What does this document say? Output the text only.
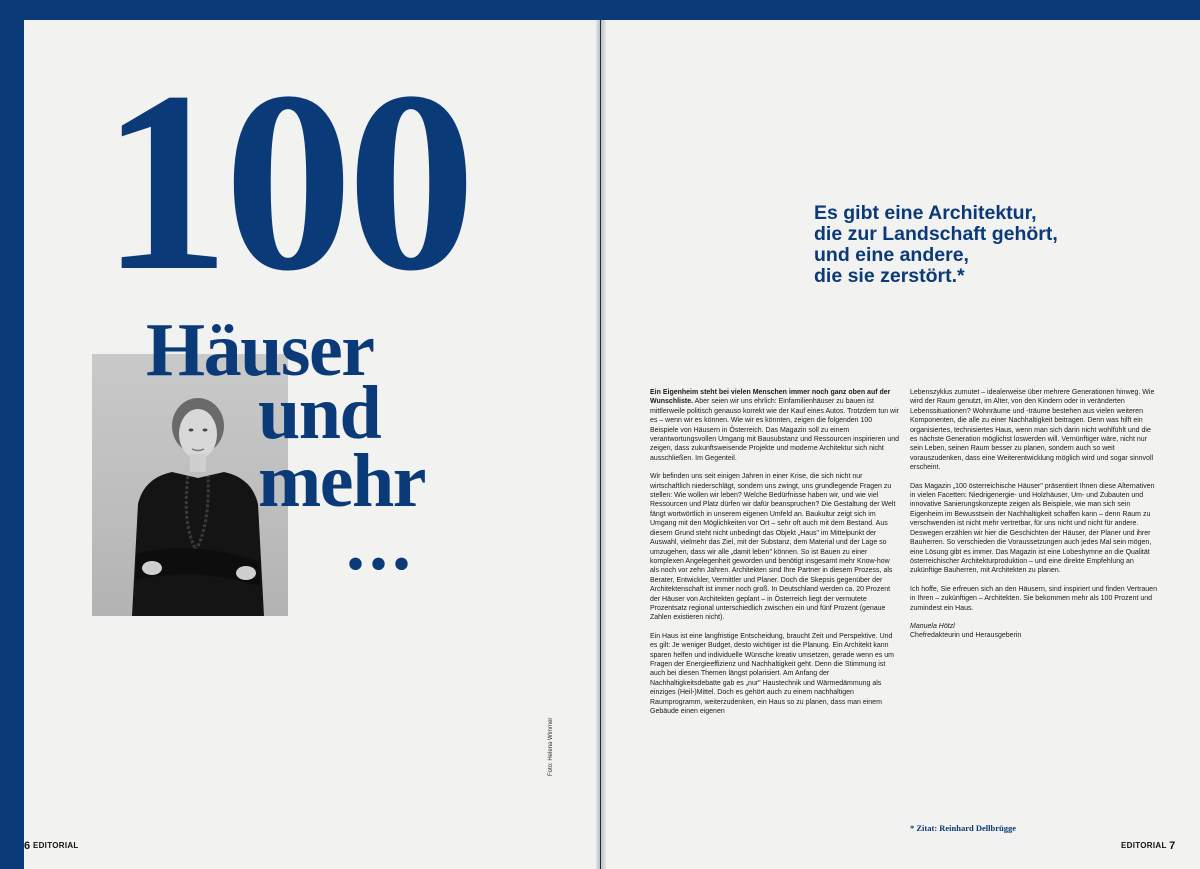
100
Häuser
und
mehr
...
Foto: Helena Wimmer
6 EDITORIAL
Es gibt eine Architektur,
die zur Landschaft gehört,
und eine andere,
die sie zerstört.*

Ein Eigenheim steht bei vielen Menschen immer noch ganz oben auf der Wunschliste. Aber seien wir uns ehrlich: Einfamilienhäuser zu bauen ist mittlerweile politisch genauso korrekt wie der Kauf eines Autos. Trotzdem tun wir es – wenn wir es können. Wie wir es könnten, zeigen die folgenden 100 Beispiele von Häusern in Österreich. Das Magazin soll zu einem verantwortungsvollen Umgang mit Bausubstanz und Ressourcen inspirieren und zeigen, dass zukunftsweisende Projekte und moderne Architektur sich nicht ausschließen. Im Gegenteil.

Wir befinden uns seit einigen Jahren in einer Krise, die sich nicht nur wirtschaftlich niederschlägt, sondern uns zwingt, uns grundlegende Fragen zu stellen: Wie wollen wir leben? Welche Bedürfnisse haben wir, und wie viel Ressourcen und Platz dürfen wir dafür beanspruchen? Die Gestaltung der Welt fängt wortwörtlich in unserem eigenen Umfeld an. Baukultur zeigt sich im Umgang mit den Möglichkeiten vor Ort – sehr oft auch mit dem Bestand. Aus diesem Grund steht nicht unbedingt das Objekt „Haus" im Mittelpunkt der Auswahl, vielmehr das Ziel, mit der Substanz, dem Material und der Lage so umzugehen, dass wir alle „damit leben" können. So ist Bauen zu einer komplexen Angelegenheit geworden und benötigt insgesamt mehr Know-how als noch vor zehn Jahren. Architekten sind Ihre Partner in diesem Prozess, als Berater, Entwickler, Vermittler und Planer. Doch die Skepsis gegenüber der Architektenschaft ist immer noch groß. In Deutschland werden ca. 20 Prozent der Häuser von Architekten geplant – in Österreich liegt der vermutete Prozentsatz regional unterschiedlich zwischen ein und fünf Prozent (genaue Zahlen existieren nicht).

Ein Haus ist eine langfristige Entscheidung, braucht Zeit und Perspektive. Und es gilt: Je weniger Budget, desto wichtiger ist die Planung. Ein Architekt kann sparen helfen und individuelle Wünsche kreativ umsetzen, gerade wenn es um Fragen der Energieeffizienz und Nachhaltigkeit geht. Denn die Stimmung ist auch bei diesen Themen längst polarisiert. Am Anfang der Nachhaltigkeitsdebatte gab es „nur" Haustechnik und Wärmedämmung als einziges (Heil-)Mittel. Doch es gehört auch zu einem nachhaltigen Raumprogramm, weiterzudenken, ein Haus so zu planen, dass man einem Gebäude einen eigenen

Lebenszyklus zumutet – idealerweise über mehrere Generationen hinweg. Wie wird der Raum genutzt, im Alter, von den Kindern oder in veränderten Lebenssituationen? Wohnräume und -träume bestehen aus vielen weiteren Komponenten, die alle zu einer Nachhaltigkeit beitragen. Denn was hilft ein organisiertes, technisiertes Haus, wenn man sich darin nicht wohlfühlt und die es nächste Generation möglichst loswerden will. Vernünftiger wäre, nicht nur sein Leben, seinen Raum besser zu planen, sondern auch so weit vorauszudenken, dass eine Weiterentwicklung möglich wird und sogar sinnvoll erscheint.

Das Magazin „100 österreichische Häuser" präsentiert Ihnen diese Alternativen in vielen Facetten: Niedrigenergie- und Holzhäuser, Um- und Zubauten und innovative Sanierungskonzepte zeigen als Beispiele, wie man sich sein Eigenheim im Bewusstsein der Nachhaltigkeit schaffen kann – denn Raum zu verschwenden ist nicht mehr vertretbar, für uns nicht und nicht für andere. Deswegen erzählen wir hier die Geschichten der Häuser, der Planer und ihrer Bauherren. So verschieden die Voraussetzungen auch jedes Mal sein mögen, eine Lösung gibt es immer. Das Magazin ist eine Lobeshymne an die Qualität österreichischer Architekturproduktion – und eine direkte Empfehlung an zukünftige Bauherren, mit Architekten zu planen.

Ich hoffe, Sie erfreuen sich an den Häusern, sind inspiriert und finden Vertrauen in Ihren – zukünftigen – Architekten. Sie bekommen mehr als 100 Prozent und zumindest ein Haus.

Manuela Hötzl

Chefredakteurin und Herausgeberin

* Zitat: Reinhard Dellbrügge
EDITORIAL 7
